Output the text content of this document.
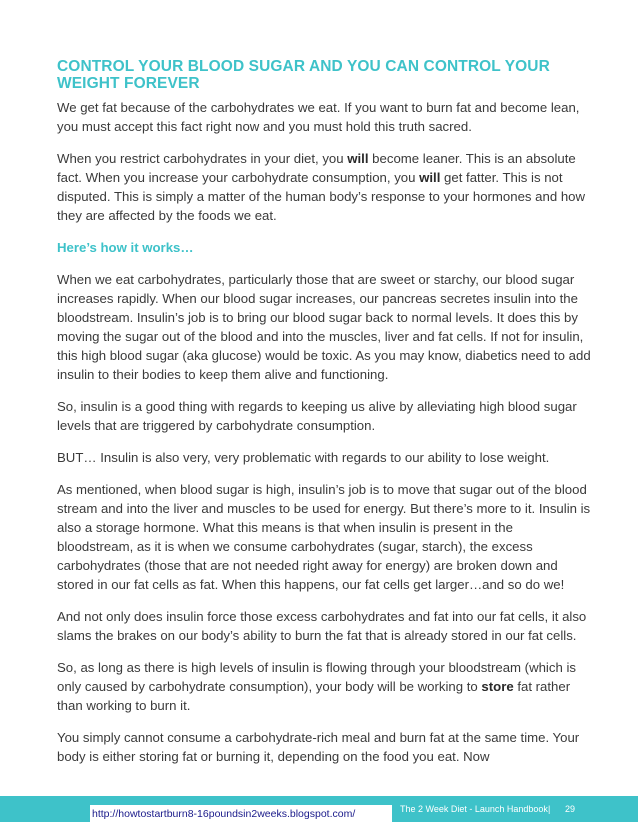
CONTROL YOUR BLOOD SUGAR AND YOU CAN CONTROL YOUR WEIGHT FOREVER

We get fat because of the carbohydrates we eat. If you want to burn fat and become lean, you must accept this fact right now and you must hold this truth sacred.

When you restrict carbohydrates in your diet, you will become leaner. This is an absolute fact. When you increase your carbohydrate consumption, you will get fatter. This is not disputed. This is simply a matter of the human body’s response to your hormones and how they are affected by the foods we eat.

Here’s how it works…

When we eat carbohydrates, particularly those that are sweet or starchy, our blood sugar increases rapidly. When our blood sugar increases, our pancreas secretes insulin into the bloodstream. Insulin’s job is to bring our blood sugar back to normal levels. It does this by moving the sugar out of the blood and into the muscles, liver and fat cells. If not for insulin, this high blood sugar (aka glucose) would be toxic. As you may know, diabetics need to add insulin to their bodies to keep them alive and functioning.

So, insulin is a good thing with regards to keeping us alive by alleviating high blood sugar levels that are triggered by carbohydrate consumption.

BUT… Insulin is also very, very problematic with regards to our ability to lose weight.

As mentioned, when blood sugar is high, insulin’s job is to move that sugar out of the blood stream and into the liver and muscles to be used for energy. But there’s more to it. Insulin is also a storage hormone. What this means is that when insulin is present in the bloodstream, as it is when we consume carbohydrates (sugar, starch), the excess carbohydrates (those that are not needed right away for energy) are broken down and stored in our fat cells as fat. When this happens, our fat cells get larger…and so do we!

And not only does insulin force those excess carbohydrates and fat into our fat cells, it also slams the brakes on our body’s ability to burn the fat that is already stored in our fat cells.

So, as long as there is high levels of insulin is flowing through your bloodstream (which is only caused by carbohydrate consumption), your body will be working to store fat rather than working to burn it.

You simply cannot consume a carbohydrate-rich meal and burn fat at the same time. Your body is either storing fat or burning it, depending on the food you eat. Now

http://howtostartburn8-16poundsin2weeks.blogspot.com/	The 2 Week Diet - Launch Handbook | 29
